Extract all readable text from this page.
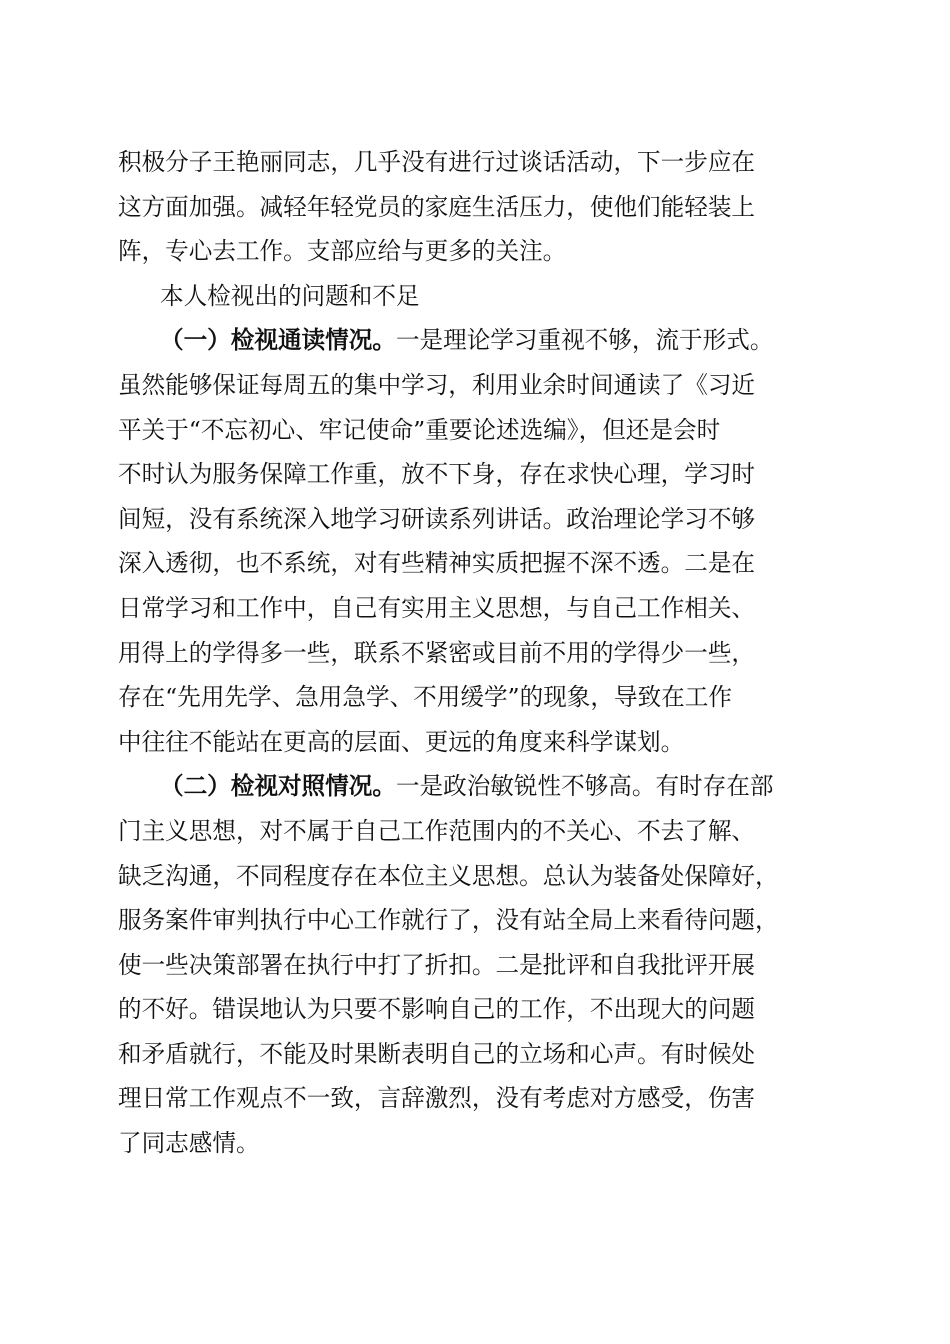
积极分子王艳丽同志，几乎没有进行过谈话活动，下一步应在
这方面加强。减轻年轻党员的家庭生活压力，使他们能轻装上
阵，专心去工作。支部应给与更多的关注。

本人检视出的问题和不足

（一）检视通读情况。一是理论学习重视不够，流于形式。
虽然能够保证每周五的集中学习，利用业余时间通读了《习近
平关于“不忘初心、牢记使命”重要论述选编》，但还是会时
不时认为服务保障工作重，放不下身，存在求快心理，学习时
间短，没有系统深入地学习研读系列讲话。政治理论学习不够
深入透彻，也不系统，对有些精神实质把握不深不透。二是在
日常学习和工作中，自己有实用主义思想，与自己工作相关、
用得上的学得多一些，联系不紧密或目前不用的学得少一些，
存在“先用先学、急用急学、不用缓学”的现象，导致在工作
中往往不能站在更高的层面、更远的角度来科学谋划。

（二）检视对照情况。一是政治敏锐性不够高。有时存在部
门主义思想，对不属于自己工作范围内的不关心、不去了解、
缺乏沟通，不同程度存在本位主义思想。总认为装备处保障好，
服务案件审判执行中心工作就行了，没有站全局上来看待问题，
使一些决策部署在执行中打了折扣。二是批评和自我批评开展
的不好。错误地认为只要不影响自己的工作，不出现大的问题
和矛盾就行，不能及时果断表明自己的立场和心声。有时候处
理日常工作观点不一致，言辞激烈，没有考虑对方感受，伤害
了同志感情。
